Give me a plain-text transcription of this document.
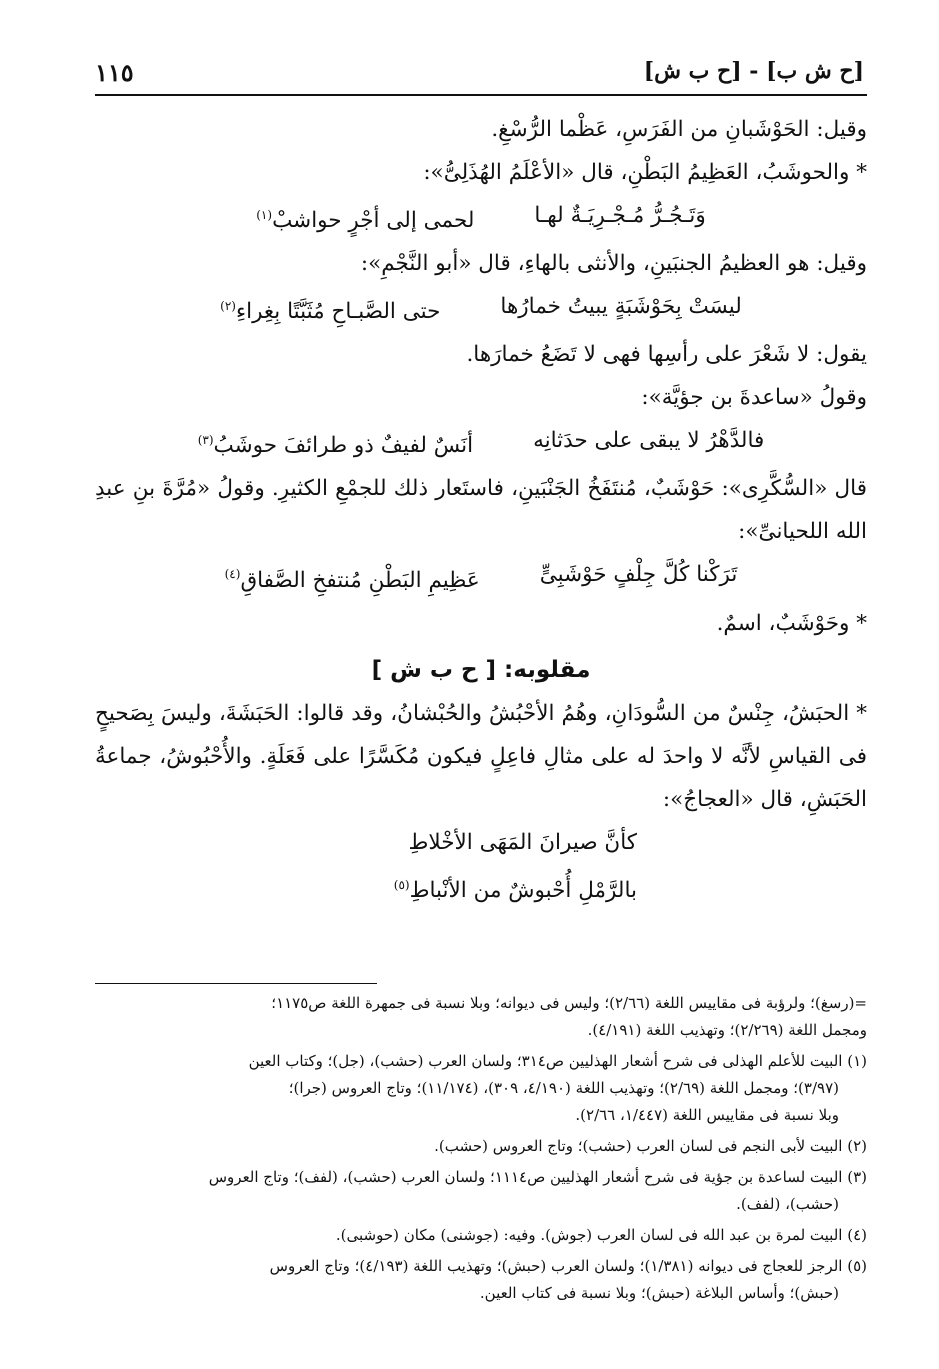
[ح ش ب] - [ح ب ش]
١١٥

وقيل: الحَوْشَبانِ من الفَرَسِ، عَظْما الرُّسْغِ.

* والحوشَبُ، العَظِيمُ البَطْنِ، قال «الأعْلَمُ الهُذَلِىُّ»:

وَتَـجُـرُّ مُـجْـرِيَـةٌ لهـا
لحمى إلى أجْرٍ حواشبْ$^{(١)}$

وقيل: هو العظيمُ الجنبَينِ، والأنثى بالهاءِ، قال «أبو النَّجْمِ»:

ليسَتْ بِحَوْشَبَةٍ يبيتُ خمارُها
حتى الصَّبـاحِ مُثَبَّتًا بِغِراءِ$^{(٢)}$

يقول: لا شَعْرَ على رأسِها فهى لا تَضَعُ خمارَها.

وقولُ «ساعدةَ بن جؤيَّة»:

فالدَّهْرُ لا يبقى على حدَثانِه
أنَسٌ لفيفٌ ذو طرائفَ حوشَبُ$^{(٣)}$

قال «السُّكَّرِى»: حَوْشَبٌ، مُنتَفَخُ الجَنْبَينِ، فاستَعار ذلك للجمْعِ الكثيرِ. وقولُ «مُرَّةَ بنِ عبدِ الله اللحيانىِّ»:

تَرَكْنا كُلَّ جِلْفٍ حَوْشَبِىٍّ
عَظِيمِ البَطْنِ مُنتفخِ الصَّفاقِ$^{(٤)}$

* وحَوْشَبٌ، اسمٌ.

مقلوبه: [ ح ب ش ]

* الحبَشُ، جِنْسٌ من السُّودَانِ، وهُمُ الأحْبُشُ والحُبْشانُ، وقد قالوا: الحَبَشَةَ، وليسَ بِصَحيحٍ فى القياسِ لأنَّه لا واحدَ له على مثالِ فاعِلٍ فيكون مُكَسَّرًا على فَعَلَةٍ. والأُحْبُوشُ، جماعةُ الحَبَشِ، قال «العجاجُ»:

كأنَّ صيرانَ المَهَى الأخْلاطِ

بالرَّمْلِ أُحْبوشٌ من الأنْباطِ$^{(٥)}$

=(رسغ)؛ ولرؤبة فى مقاييس اللغة (٢/٦٦)؛ وليس فى ديوانه؛ وبلا نسبة فى جمهرة اللغة ص١١٧٥؛
ومجمل اللغة (٢/٢٦٩)؛ وتهذيب اللغة (٤/١٩١).

(١) البيت للأعلم الهذلى فى شرح أشعار الهذليين ص٣١٤؛ ولسان العرب (حشب)، (جل)؛ وكتاب العين
(٣/٩٧)؛ ومجمل اللغة (٢/٦٩)؛ وتهذيب اللغة (٤/١٩٠، ٣٠٩)، (١١/١٧٤)؛ وتاج العروس (جرا)؛
وبلا نسبة فى مقاييس اللغة (١/٤٤٧، ٢/٦٦).

(٢) البيت لأبى النجم فى لسان العرب (حشب)؛ وتاج العروس (حشب).

(٣) البيت لساعدة بن جؤية فى شرح أشعار الهذليين ص١١١٤؛ ولسان العرب (حشب)، (لفف)؛ وتاج العروس
(حشب)، (لفف).

(٤) البيت لمرة بن عبد الله فى لسان العرب (جوش). وفيه: (جوشنى) مكان (حوشبى).

(٥) الرجز للعجاج فى ديوانه (١/٣٨١)؛ ولسان العرب (حبش)؛ وتهذيب اللغة (٤/١٩٣)؛ وتاج العروس
(حبش)؛ وأساس البلاغة (حبش)؛ وبلا نسبة فى كتاب العين.
